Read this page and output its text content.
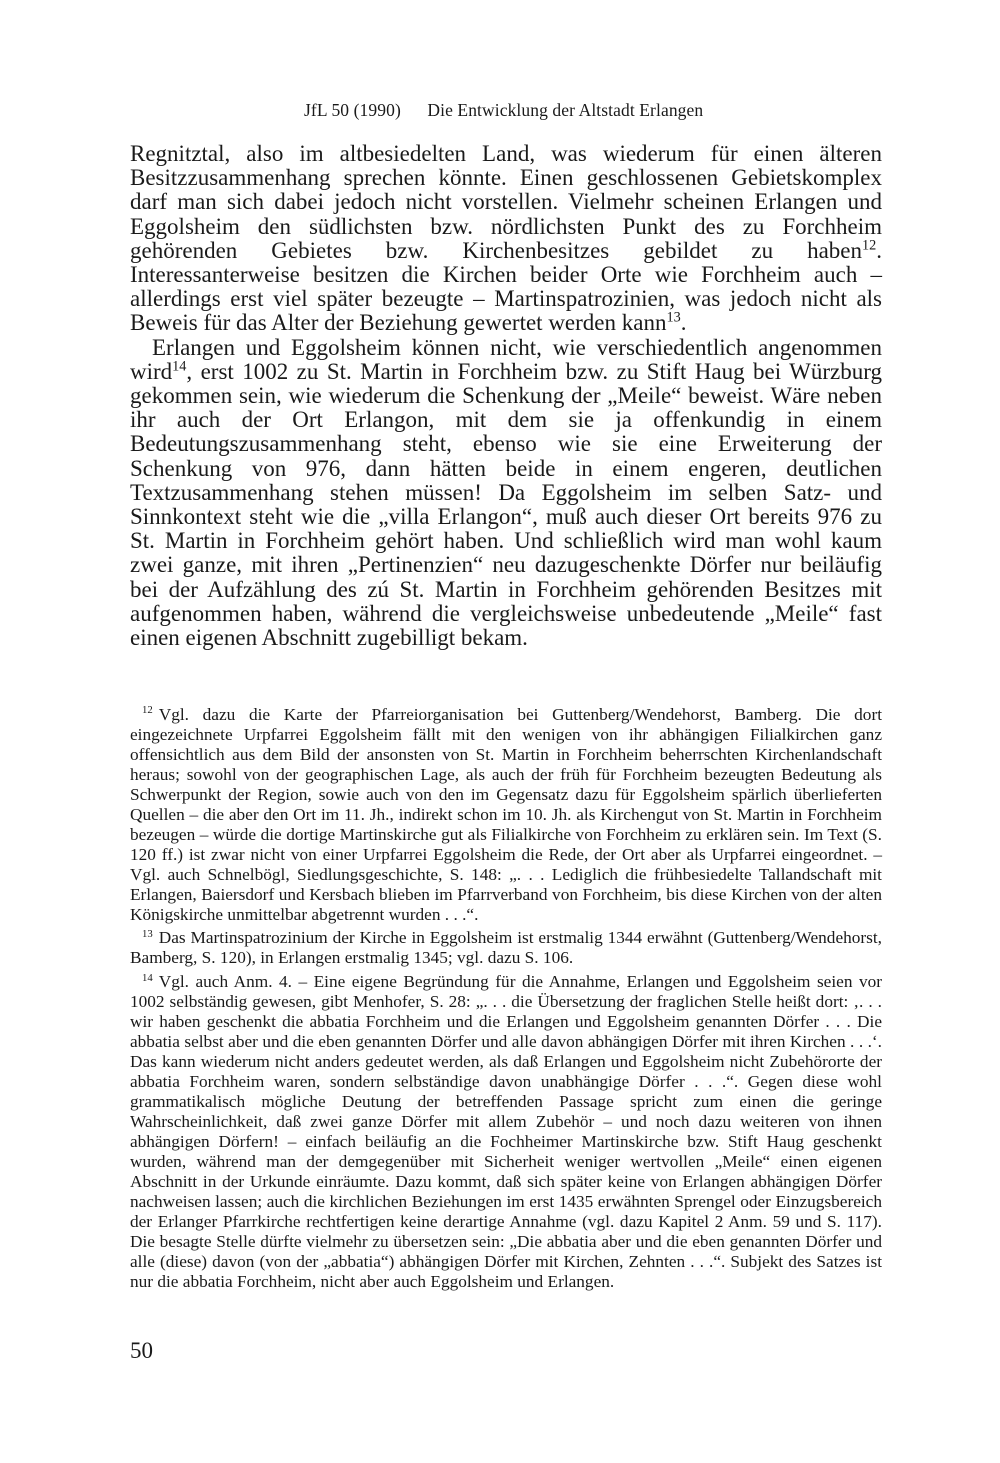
JfL 50 (1990) Die Entwicklung der Altstadt Erlangen

Regnitztal, also im altbesiedelten Land, was wiederum für einen älteren Besitzzusammenhang sprechen könnte. Einen geschlossenen Gebietskomplex darf man sich dabei jedoch nicht vorstellen. Vielmehr scheinen Erlangen und Eggolsheim den südlichsten bzw. nördlichsten Punkt des zu Forchheim gehörenden Gebietes bzw. Kirchenbesitzes gebildet zu haben$^{12}$. Interessanterweise besitzen die Kirchen beider Orte wie Forchheim auch – allerdings erst viel später bezeugte – Martinspatrozinien, was jedoch nicht als Beweis für das Alter der Beziehung gewertet werden kann$^{13}$.

Erlangen und Eggolsheim können nicht, wie verschiedentlich angenommen wird$^{14}$, erst 1002 zu St. Martin in Forchheim bzw. zu Stift Haug bei Würzburg gekommen sein, wie wiederum die Schenkung der „Meile“ beweist. Wäre neben ihr auch der Ort Erlangon, mit dem sie ja offenkundig in einem Bedeutungszusammenhang steht, ebenso wie sie eine Erweiterung der Schenkung von 976, dann hätten beide in einem engeren, deutlichen Textzusammenhang stehen müssen! Da Eggolsheim im selben Satz- und Sinnkontext steht wie die „villa Erlangon“, muß auch dieser Ort bereits 976 zu St. Martin in Forchheim gehört haben. Und schließlich wird man wohl kaum zwei ganze, mit ihren „Pertinenzien“ neu dazugeschenkte Dörfer nur beiläufig bei der Aufzählung des zú St. Martin in Forchheim gehörenden Besitzes mit aufgenommen haben, während die vergleichsweise unbedeutende „Meile“ fast einen eigenen Abschnitt zugebilligt bekam.

$^{12}$ Vgl. dazu die Karte der Pfarreiorganisation bei Guttenberg/Wendehorst, Bamberg. Die dort eingezeichnete Urpfarrei Eggolsheim fällt mit den wenigen von ihr abhängigen Filialkirchen ganz offensichtlich aus dem Bild der ansonsten von St. Martin in Forchheim beherrschten Kirchenlandschaft heraus; sowohl von der geographischen Lage, als auch der früh für Forchheim bezeugten Bedeutung als Schwerpunkt der Region, sowie auch von den im Gegensatz dazu für Eggolsheim spärlich überlieferten Quellen – die aber den Ort im 11. Jh., indirekt schon im 10. Jh. als Kirchengut von St. Martin in Forchheim bezeugen – würde die dortige Martinskirche gut als Filialkirche von Forchheim zu erklären sein. Im Text (S. 120 ff.) ist zwar nicht von einer Urpfarrei Eggolsheim die Rede, der Ort aber als Urpfarrei eingeordnet. – Vgl. auch Schnelbögl, Siedlungsgeschichte, S. 148: „. . . Lediglich die frühbesiedelte Tallandschaft mit Erlangen, Baiersdorf und Kersbach blieben im Pfarrverband von Forchheim, bis diese Kirchen von der alten Königskirche unmittelbar abgetrennt wurden . . .“.

$^{13}$ Das Martinspatrozinium der Kirche in Eggolsheim ist erstmalig 1344 erwähnt (Guttenberg/Wendehorst, Bamberg, S. 120), in Erlangen erstmalig 1345; vgl. dazu S. 106.

$^{14}$ Vgl. auch Anm. 4. – Eine eigene Begründung für die Annahme, Erlangen und Eggolsheim seien vor 1002 selbständig gewesen, gibt Menhofer, S. 28: „. . . die Übersetzung der fraglichen Stelle heißt dort: ‚. . . wir haben geschenkt die abbatia Forchheim und die Erlangen und Eggolsheim genannten Dörfer . . . Die abbatia selbst aber und die eben genannten Dörfer und alle davon abhängigen Dörfer mit ihren Kirchen . . .‘. Das kann wiederum nicht anders gedeutet werden, als daß Erlangen und Eggolsheim nicht Zubehörorte der abbatia Forchheim waren, sondern selbständige davon unabhängige Dörfer . . .“. Gegen diese wohl grammatikalisch mögliche Deutung der betreffenden Passage spricht zum einen die geringe Wahrscheinlichkeit, daß zwei ganze Dörfer mit allem Zubehör – und noch dazu weiteren von ihnen abhängigen Dörfern! – einfach beiläufig an die Fochheimer Martinskirche bzw. Stift Haug geschenkt wurden, während man der demgegenüber mit Sicherheit weniger wertvollen „Meile“ einen eigenen Abschnitt in der Urkunde einräumte. Dazu kommt, daß sich später keine von Erlangen abhängigen Dörfer nachweisen lassen; auch die kirchlichen Beziehungen im erst 1435 erwähnten Sprengel oder Einzugsbereich der Erlanger Pfarrkirche rechtfertigen keine derartige Annahme (vgl. dazu Kapitel 2 Anm. 59 und S. 117). Die besagte Stelle dürfte vielmehr zu übersetzen sein: „Die abbatia aber und die eben genannten Dörfer und alle (diese) davon (von der „abbatia“) abhängigen Dörfer mit Kirchen, Zehnten . . .“. Subjekt des Satzes ist nur die abbatia Forchheim, nicht aber auch Eggolsheim und Erlangen.

50
